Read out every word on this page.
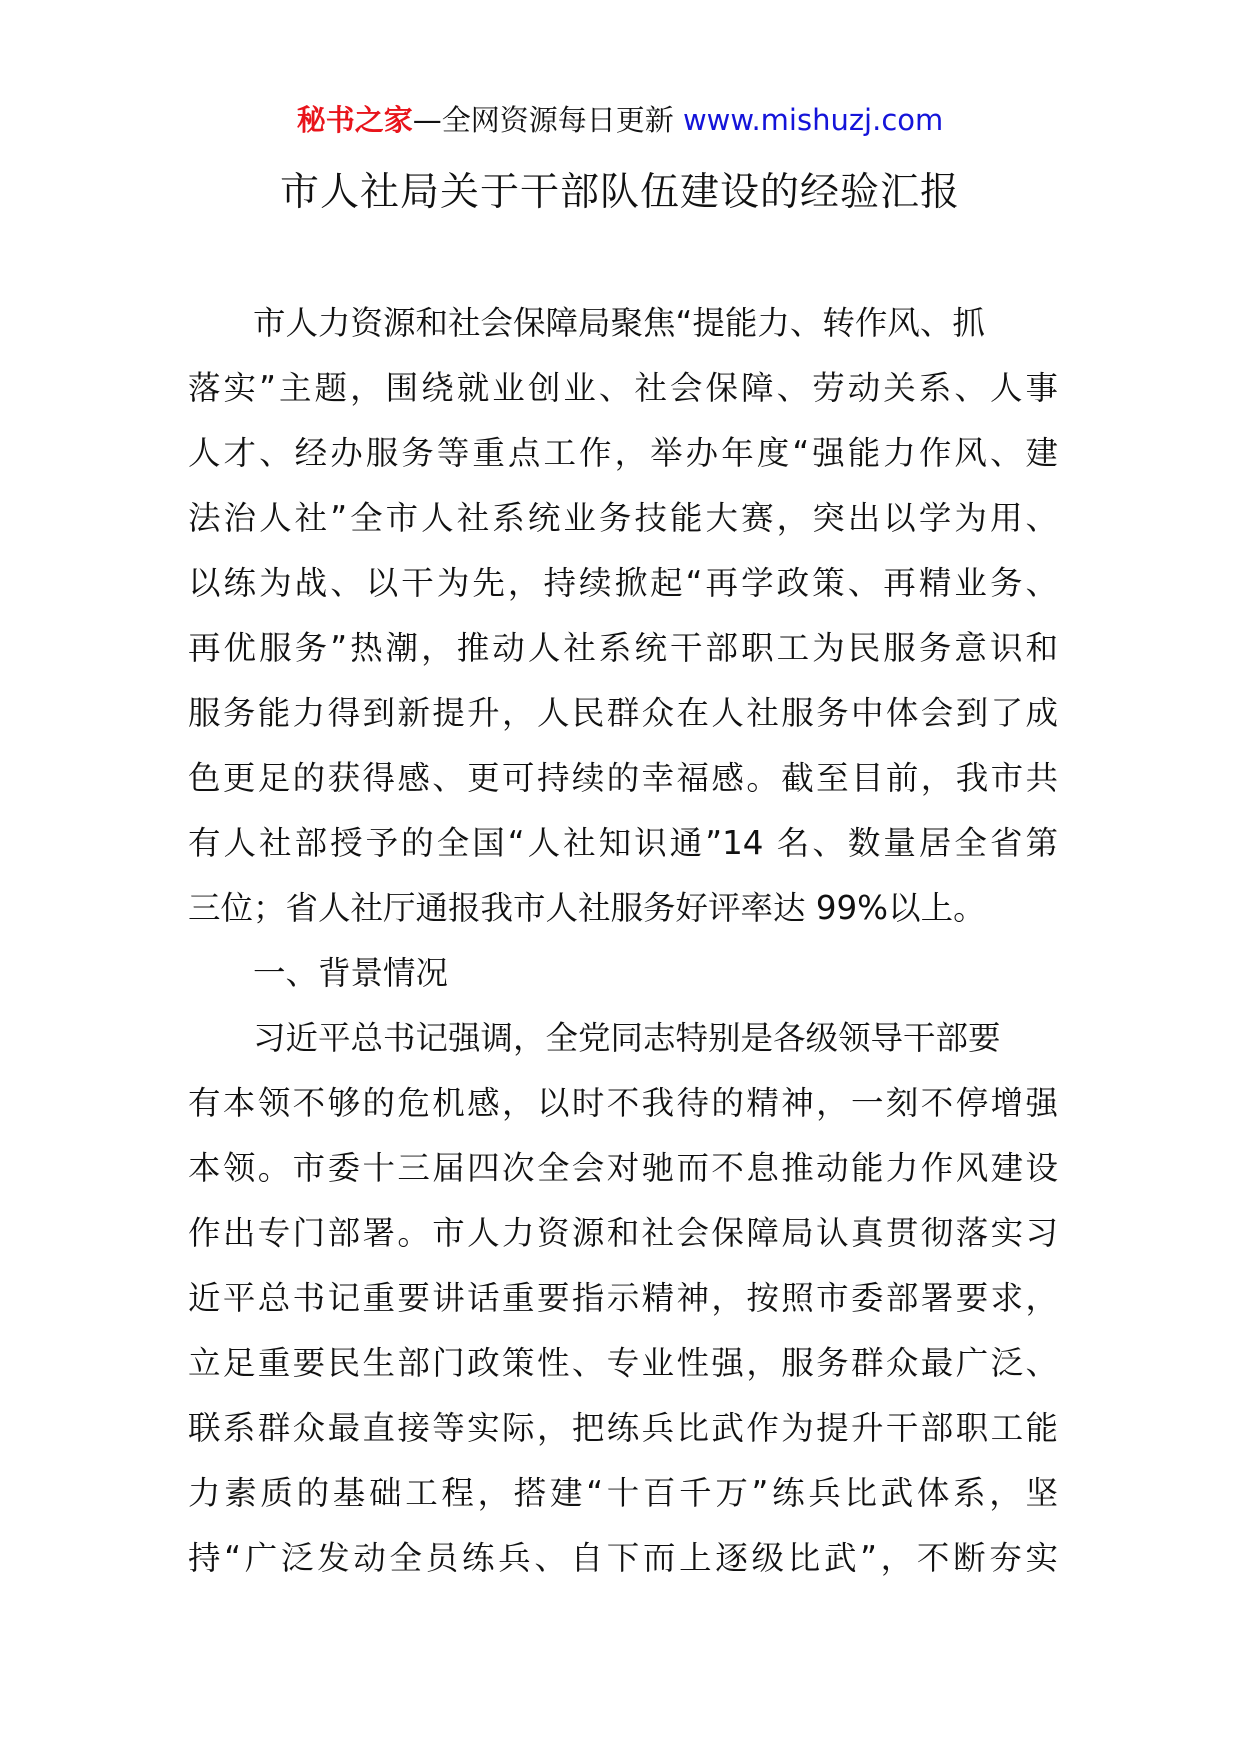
秘书之家—全网资源每日更新 www.mishuzj.com
市人社局关于干部队伍建设的经验汇报
市人力资源和社会保障局聚焦“提能力、转作风、抓
落实”主题，围绕就业创业、社会保障、劳动关系、人事
人才、经办服务等重点工作，举办年度“强能力作风、建
法治人社”全市人社系统业务技能大赛，突出以学为用、
以练为战、以干为先，持续掀起“再学政策、再精业务、
再优服务”热潮，推动人社系统干部职工为民服务意识和
服务能力得到新提升，人民群众在人社服务中体会到了成
色更足的获得感、更可持续的幸福感。截至目前，我市共
有人社部授予的全国“人社知识通”14 名、数量居全省第
三位；省人社厅通报我市人社服务好评率达 99%以上。
一、背景情况
习近平总书记强调，全党同志特别是各级领导干部要
有本领不够的危机感，以时不我待的精神，一刻不停增强
本领。市委十三届四次全会对驰而不息推动能力作风建设
作出专门部署。市人力资源和社会保障局认真贯彻落实习
近平总书记重要讲话重要指示精神，按照市委部署要求，
立足重要民生部门政策性、专业性强，服务群众最广泛、
联系群众最直接等实际，把练兵比武作为提升干部职工能
力素质的基础工程，搭建“十百千万”练兵比武体系，坚
持“广泛发动全员练兵、自下而上逐级比武”，不断夯实
